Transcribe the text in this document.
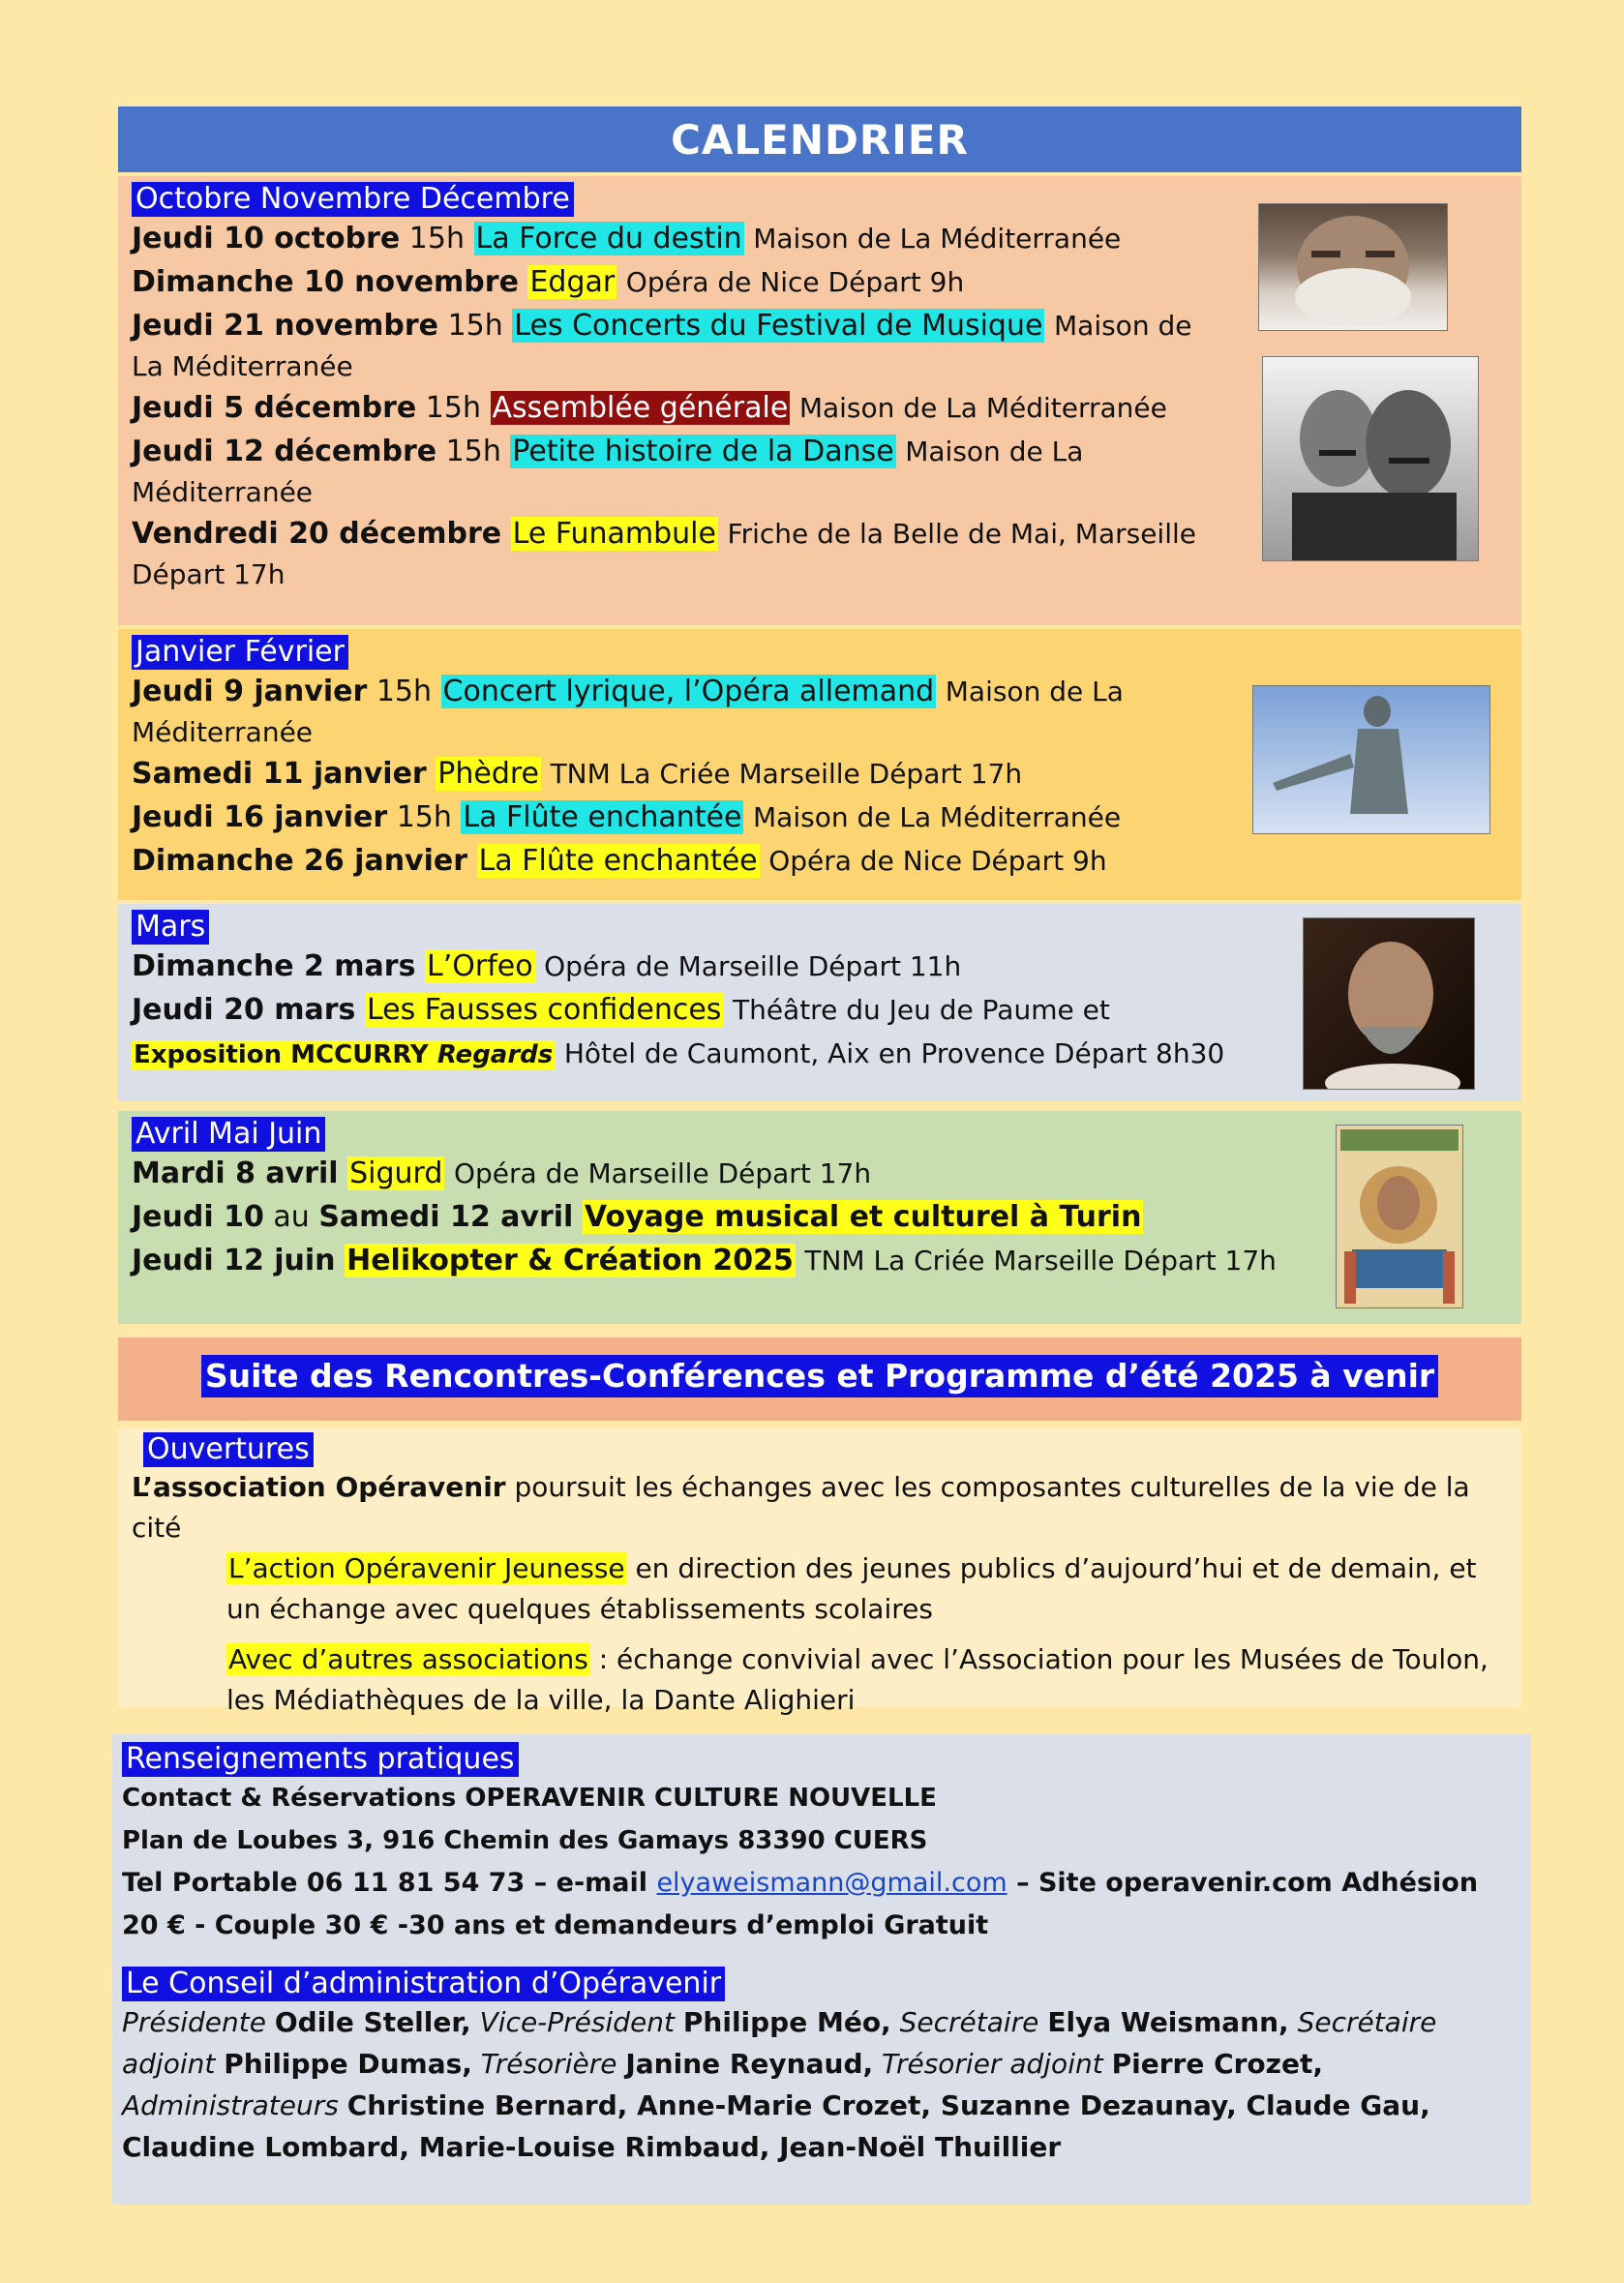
CALENDRIER
Octobre Novembre Décembre
Jeudi 10 octobre 15h La Force du destin Maison de La Méditerranée
Dimanche 10 novembre Edgar Opéra de Nice Départ 9h
Jeudi 21 novembre 15h Les Concerts du Festival de Musique Maison de
La Méditerranée
Jeudi 5 décembre 15h Assemblée générale Maison de La Méditerranée
Jeudi 12 décembre 15h Petite histoire de la Danse Maison de La
Méditerranée
Vendredi 20 décembre Le Funambule Friche de la Belle de Mai, Marseille
Départ 17h
Janvier Février
Jeudi 9 janvier 15h Concert lyrique, l’Opéra allemand Maison de La
Méditerranée
Samedi 11 janvier Phèdre TNM La Criée Marseille Départ 17h
Jeudi 16 janvier 15h La Flûte enchantée Maison de La Méditerranée
Dimanche 26 janvier La Flûte enchantée Opéra de Nice Départ 9h
Mars
Dimanche 2 mars L’Orfeo Opéra de Marseille Départ 11h
Jeudi 20 mars Les Fausses confidences Théâtre du Jeu de Paume et
Exposition MCCURRY Regards Hôtel de Caumont, Aix en Provence Départ 8h30
Avril Mai Juin
Mardi 8 avril Sigurd Opéra de Marseille Départ 17h
Jeudi 10 au Samedi 12 avril Voyage musical et culturel à Turin
Jeudi 12 juin Helikopter & Création 2025 TNM La Criée Marseille Départ 17h
Suite des Rencontres-Conférences et Programme d’été 2025 à venir
Ouvertures

L’association Opéravenir poursuit les échanges avec les composantes culturelles de la vie de la cité

L’action Opéravenir Jeunesse en direction des jeunes publics d’aujourd’hui et de demain, et

un échange avec quelques établissements scolaires

Avec d’autres associations : échange convivial avec l’Association pour les Musées de Toulon,

les Médiathèques de la ville, la Dante Alighieri

Renseignements pratiques
Contact & Réservations OPERAVENIR CULTURE NOUVELLE
Plan de Loubes 3, 916 Chemin des Gamays 83390 CUERS
Tel Portable 06 11 81 54 73 – e-mail elyaweismann@gmail.com – Site operavenir.com Adhésion
20 € - Couple 30 € -30 ans et demandeurs d’emploi Gratuit
Le Conseil d’administration d’Opéravenir
Présidente Odile Steller, Vice-Président Philippe Méo, Secrétaire Elya Weismann, Secrétaire adjoint Philippe Dumas, Trésorière Janine Reynaud, Trésorier adjoint Pierre Crozet, Administrateurs Christine Bernard, Anne-Marie Crozet, Suzanne Dezaunay, Claude Gau, Claudine Lombard, Marie-Louise Rimbaud, Jean-Noël Thuillier
